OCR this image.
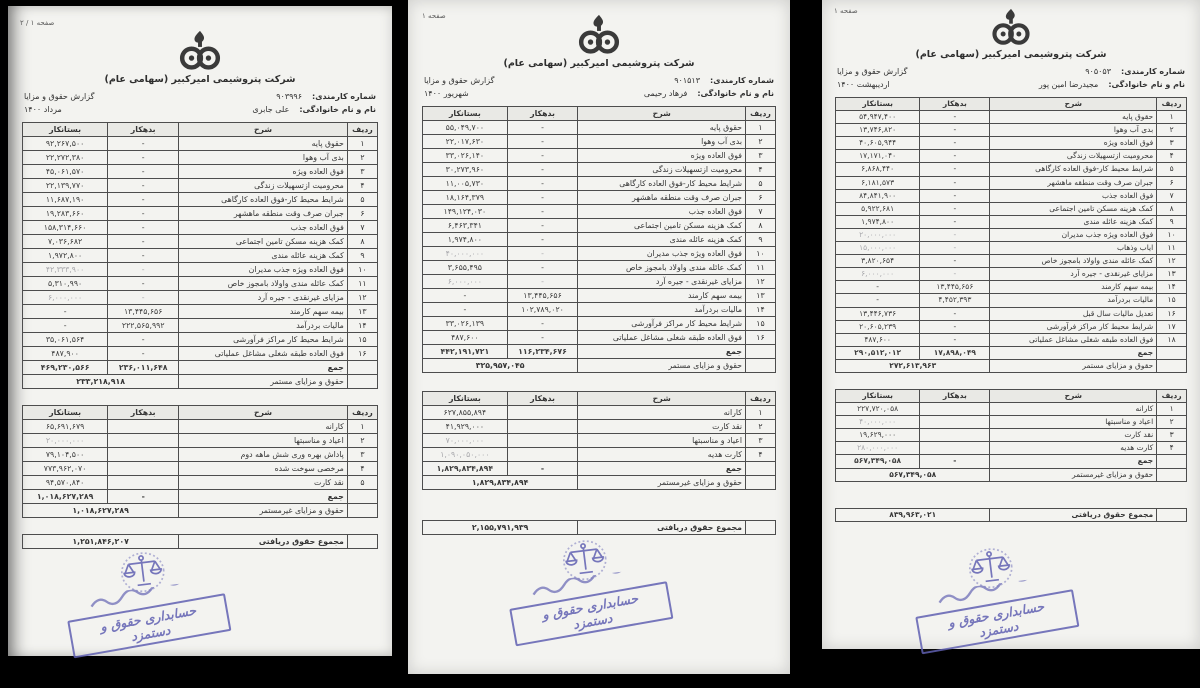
صفحه ۱ / ۲
شرکت پتروشیمی امیرکبیر (سهامی عام)
شماره کارمندی:۹۰۳۹۹۶
نام و نام خانوادگی:علی جابری
گزارش حقوق و مزایا
مرداد ۱۴۰۰
ردیف	شرح	بدهکار	بستانکار
۱	حقوق پایه	-	۹۲,۲۶۷,۵۰۰
۲	بدی آب وهوا	-	۲۲,۲۷۲,۳۸۰
۳	فوق العاده ویژه	-	۴۵,۰۶۱,۵۷۰
۴	محرومیت ازتسهیلات زندگی	-	۲۲,۱۳۹,۷۷۰
۵	شرایط محیط کار-فوق العاده کارگاهی	-	۱۱,۶۸۷,۱۹۰
۶	جبران صرف وقت منطقه ماهشهر	-	۱۹,۲۸۳,۶۶۰
۷	فوق العاده جذب	-	۱۵۸,۳۱۴,۶۶۰
۸	کمک هزینه مسکن تامین اجتماعی	-	۷,۰۳۶,۶۸۲
۹	کمک هزینه عائله مندی	-	۱,۹۷۲,۸۰۰
۱۰	فوق العاده ویژه جذب مدیران	-	۴۲,۳۳۳,۹۰۰
۱۱	کمک عائله مندی واولاد بامجوز خاص	-	۵,۳۱۰,۹۹۰
۱۲	مزایای غیرنقدی - جیره آرد	-	۶,۰۰۰,۰۰۰
۱۳	بیمه سهم کارمند	۱۳,۴۴۵,۶۵۶	-
۱۴	مالیات بردرآمد	۲۲۲,۵۶۵,۹۹۲	-
۱۵	شرایط محیط کار مراکز فرآورشی	-	۳۵,۰۶۱,۵۶۴
۱۶	فوق العاده طبقه شغلی مشاغل عملیاتی	-	۴۸۷,۹۰۰
	جمع	۲۳۶,۰۱۱,۶۴۸	۴۶۹,۲۳۰,۵۶۶
	حقوق و مزایای مستمر	۲۳۳,۲۱۸,۹۱۸	
ردیف	شرح	بدهکار	بستانکار
۱	کارانه		۶۵,۶۹۱,۶۷۹
۲	اعیاد و مناسبتها		۲۰,۰۰۰,۰۰۰
۳	پاداش بهره وری شش ماهه دوم		۷۹,۱۰۴,۵۰۰
۴	مرخصی سوخت شده		۷۷۳,۹۶۲,۰۷۰
۵	نقد کارت		۹۴,۵۷۰,۸۴۰
	جمع	-	۱,۰۱۸,۶۲۷,۲۸۹
	حقوق و مزایای غیرمستمر	۱,۰۱۸,۶۲۷,۲۸۹	
	مجموع حقوق دریافتی	۱,۲۵۱,۸۴۶,۲۰۷
حسابداری حقوق و دستمزد
صفحه ۱
شرکت پتروشیمی امیرکبیر (سهامی عام)
شماره کارمندی:۹۰۱۵۱۳
نام و نام خانوادگی:فرهاد رحیمی
گزارش حقوق و مزایا
شهریور ۱۴۰۰
ردیف	شرح	بدهکار	بستانکار
۱	حقوق پایه	-	۵۵,۰۴۹,۷۰۰
۲	بدی آب وهوا	-	۲۲,۰۱۷,۶۳۰
۳	فوق العاده ویژه	-	۳۳,۰۲۶,۱۴۰
۴	محرومیت ازتسهیلات زندگی	-	۳۰,۲۷۳,۹۶۰
۵	شرایط محیط کار-فوق العاده کارگاهی	-	۱۱,۰۰۵,۷۳۰
۶	جبران صرف وقت منطقه ماهشهر	-	۱۸,۱۶۴,۳۷۹
۷	فوق العاده جذب	-	۱۴۹,۱۲۴,۰۳۰
۸	کمک هزینه مسکن تامین اجتماعی	-	۶,۴۶۳,۳۴۱
۹	کمک هزینه عائله مندی	-	۱,۹۷۴,۸۰۰
۱۰	فوق العاده ویژه جذب مدیران	-	۴۰,۰۰۰,۰۰۰
۱۱	کمک عائله مندی واولاد بامجوز خاص	-	۳,۶۵۵,۴۹۵
۱۲	مزایای غیرنقدی - جیره آرد	-	۶,۰۰۰,۰۰۰
۱۳	بیمه سهم کارمند	۱۳,۴۴۵,۶۵۶	-
۱۴	مالیات بردرآمد	۱۰۲,۷۸۹,۰۲۰	-
۱۵	شرایط محیط کار مراکز فرآورشی	-	۳۳,۰۲۶,۱۳۹
۱۶	فوق العاده طبقه شغلی مشاغل عملیاتی	-	۴۸۷,۶۰۰
	جمع	۱۱۶,۲۳۴,۶۷۶	۴۴۲,۱۹۱,۷۲۱
	حقوق و مزایای مستمر	۳۲۵,۹۵۷,۰۴۵	
ردیف	شرح	بدهکار	بستانکار
۱	کارانه		۶۲۷,۸۵۵,۸۹۴
۲	نقد کارت		۴۱,۹۲۹,۰۰۰
۳	اعیاد و مناسبتها		۷۰,۰۰۰,۰۰۰
۴	کارت هدیه		۱,۰۹۰,۰۵۰,۰۰۰
	جمع	-	۱,۸۲۹,۸۳۴,۸۹۴
	حقوق و مزایای غیرمستمر	۱,۸۲۹,۸۳۴,۸۹۴	
	مجموع حقوق دریافتی	۲,۱۵۵,۷۹۱,۹۳۹
حسابداری حقوق و دستمزد
صفحه ۱
شرکت پتروشیمی امیرکبیر (سهامی عام)
شماره کارمندی:۹۰۵۰۵۳
نام و نام خانوادگی:مجیدرضا امین پور
گزارش حقوق و مزایا
اردیبهشت ۱۴۰۰
ردیف	شرح	بدهکار	بستانکار
۱	حقوق پایه	-	۵۴,۹۴۷,۴۰۰
۲	بدی آب وهوا	-	۱۳,۷۴۶,۸۲۰
۳	فوق العاده ویژه	-	۴۰,۶۰۵,۹۴۴
۴	محرومیت ازتسهیلات زندگی	-	۱۷,۱۷۱,۰۴۰
۵	شرایط محیط کار-فوق العاده کارگاهی	-	۶,۸۶۸,۴۴۰
۶	جبران صرف وقت منطقه ماهشهر	-	۶,۱۸۱,۵۷۳
۷	فوق العاده جذب	-	۸۴,۸۴۱,۹۰۰
۸	کمک هزینه مسکن تامین اجتماعی	-	۵,۹۲۲,۶۸۱
۹	کمک هزینه عائله مندی	-	۱,۹۷۴,۸۰۰
۱۰	فوق العاده ویژه جذب مدیران	-	۲۰,۰۰۰,۰۰۰
۱۱	ایاب وذهاب	-	۱۵,۰۰۰,۰۰۰
۱۲	کمک عائله مندی واولاد بامجوز خاص	-	۳,۸۲۰,۶۵۴
۱۳	مزایای غیرنقدی - جیره آرد	-	۶,۰۰۰,۰۰۰
۱۴	بیمه سهم کارمند	۱۳,۴۴۵,۶۵۶	-
۱۵	مالیات بردرآمد	۴,۴۵۲,۳۹۳	-
۱۶	تعدیل مالیات سال قبل	-	۱۳,۴۴۶,۷۳۶
۱۷	شرایط محیط کار مراکز فرآورشی	-	۲۰,۶۰۵,۲۳۹
۱۸	فوق العاده طبقه شغلی مشاغل عملیاتی	-	۴۸۷,۶۰۰
	جمع	۱۷,۸۹۸,۰۴۹	۲۹۰,۵۱۲,۰۱۲
	حقوق و مزایای مستمر	۲۷۲,۶۱۳,۹۶۳	
ردیف	شرح	بدهکار	بستانکار
۱	کارانه		۲۲۷,۷۲۰,۰۵۸
۲	اعیاد و مناسبتها		۴۰,۰۰۰,۰۰۰
۳	نقد کارت		۱۹,۶۲۹,۰۰۰
۴	کارت هدیه		۲۸۰,۰۰۰,۰۰۰
	جمع	-	۵۶۷,۳۴۹,۰۵۸
	حقوق و مزایای غیرمستمر	۵۶۷,۳۴۹,۰۵۸	
	مجموع حقوق دریافتی	۸۳۹,۹۶۳,۰۲۱
حسابداری حقوق و دستمزد
